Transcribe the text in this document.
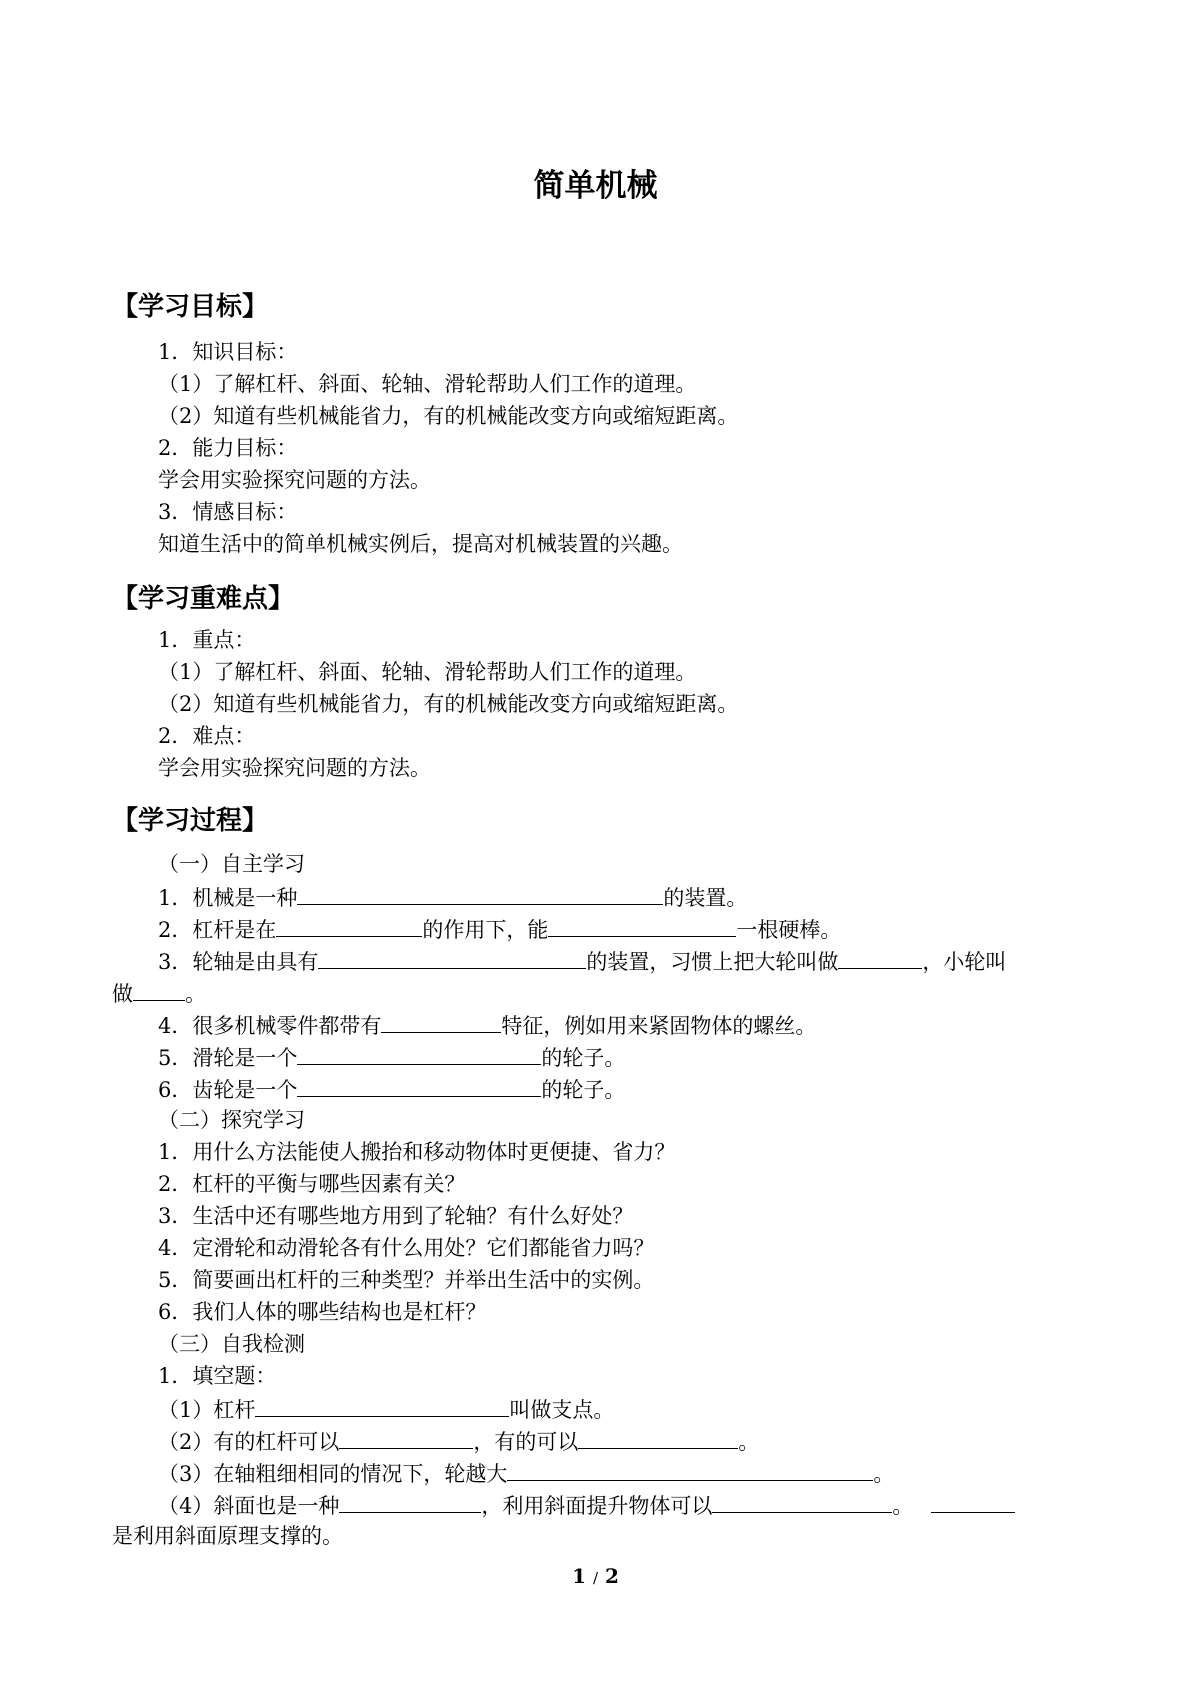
简单机械
【学习目标】
1．知识目标：
（1）了解杠杆、斜面、轮轴、滑轮帮助人们工作的道理。
（2）知道有些机械能省力，有的机械能改变方向或缩短距离。
2．能力目标：
学会用实验探究问题的方法。
3．情感目标：
知道生活中的简单机械实例后，提高对机械装置的兴趣。
【学习重难点】
1．重点：
（1）了解杠杆、斜面、轮轴、滑轮帮助人们工作的道理。
（2）知道有些机械能省力，有的机械能改变方向或缩短距离。
2．难点：
学会用实验探究问题的方法。
【学习过程】
（一）自主学习
1．机械是一种	的装置。
2．杠杆是在	的作用下，能	一根硬棒。
3．轮轴是由具有	的装置，习惯上把大轮叫做	，小轮叫
做 。
4．很多机械零件都带有	特征，例如用来紧固物体的螺丝。
5．滑轮是一个	的轮子。
6．齿轮是一个	的轮子。
（二）探究学习
1．用什么方法能使人搬抬和移动物体时更便捷、省力？
2．杠杆的平衡与哪些因素有关？
3．生活中还有哪些地方用到了轮轴？有什么好处？
4．定滑轮和动滑轮各有什么用处？它们都能省力吗？
5．简要画出杠杆的三种类型？并举出生活中的实例。
6．我们人体的哪些结构也是杠杆？
（三）自我检测
1．填空题：
（1）杠杆	叫做支点。
（2）有的杠杆可以	，有的可以	。
（3）在轴粗细相同的情况下，轮越大	。
（4）斜面也是一种	，利用斜面提升物体可以	。
是利用斜面原理支撑的。
1 / 2
